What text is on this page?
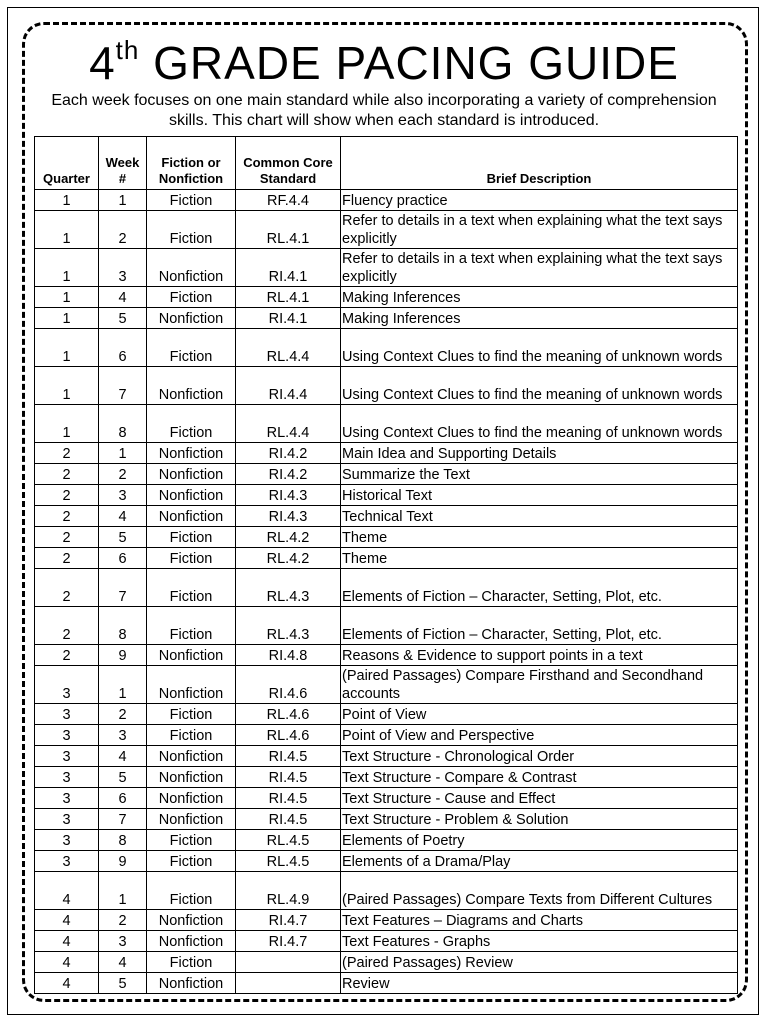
4th GRADE PACING GUIDE
Each week focuses on one main standard while also incorporating a variety of comprehension skills. This chart will show when each standard is introduced.
Quarter	Week #	Fiction or Nonfiction	Common Core Standard	Brief Description
1	1	Fiction	RF.4.4	Fluency practice
1	2	Fiction	RL.4.1	Refer to details in a text when explaining what the text says explicitly
1	3	Nonfiction	RI.4.1	Refer to details in a text when explaining what the text says explicitly
1	4	Fiction	RL.4.1	Making Inferences
1	5	Nonfiction	RI.4.1	Making Inferences
1	6	Fiction	RL.4.4	Using Context Clues to find the meaning of unknown words
1	7	Nonfiction	RI.4.4	Using Context Clues to find the meaning of unknown words
1	8	Fiction	RL.4.4	Using Context Clues to find the meaning of unknown words
2	1	Nonfiction	RI.4.2	Main Idea and Supporting Details
2	2	Nonfiction	RI.4.2	Summarize the Text
2	3	Nonfiction	RI.4.3	Historical Text
2	4	Nonfiction	RI.4.3	Technical Text
2	5	Fiction	RL.4.2	Theme
2	6	Fiction	RL.4.2	Theme
2	7	Fiction	RL.4.3	Elements of Fiction – Character, Setting, Plot, etc.
2	8	Fiction	RL.4.3	Elements of Fiction – Character, Setting, Plot, etc.
2	9	Nonfiction	RI.4.8	Reasons & Evidence to support points in a text
3	1	Nonfiction	RI.4.6	(Paired Passages) Compare Firsthand and Secondhand accounts
3	2	Fiction	RL.4.6	Point of View
3	3	Fiction	RL.4.6	Point of View and Perspective
3	4	Nonfiction	RI.4.5	Text Structure - Chronological Order
3	5	Nonfiction	RI.4.5	Text Structure - Compare & Contrast
3	6	Nonfiction	RI.4.5	Text Structure - Cause and Effect
3	7	Nonfiction	RI.4.5	Text Structure - Problem & Solution
3	8	Fiction	RL.4.5	Elements of Poetry
3	9	Fiction	RL.4.5	Elements of a Drama/Play
4	1	Fiction	RL.4.9	(Paired Passages) Compare Texts from Different Cultures
4	2	Nonfiction	RI.4.7	Text Features – Diagrams and Charts
4	3	Nonfiction	RI.4.7	Text Features - Graphs
4	4	Fiction		(Paired Passages) Review
4	5	Nonfiction		Review
